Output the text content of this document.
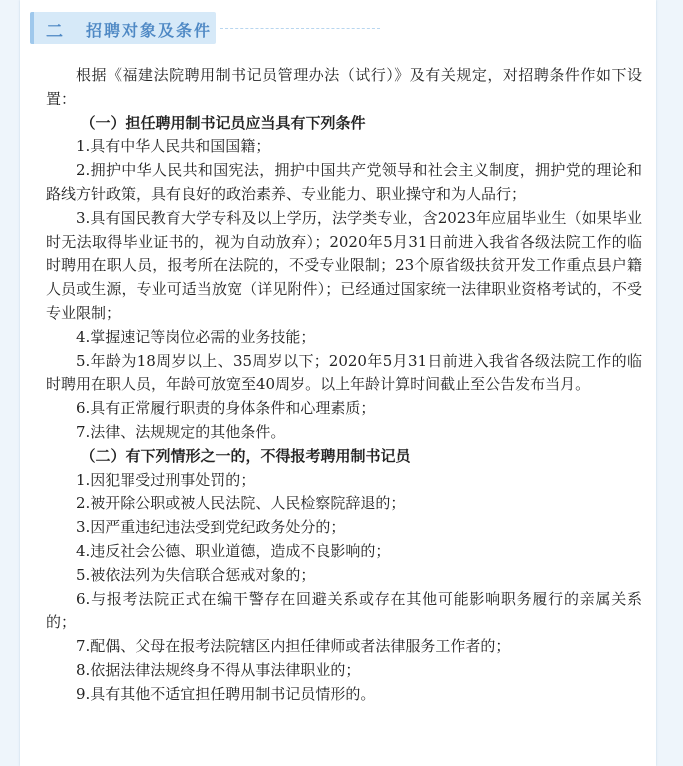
二 招聘对象及条件

根据《福建法院聘用制书记员管理办法（试行）》及有关规定，对招聘条件作如下设置：

（一）担任聘用制书记员应当具有下列条件

1.具有中华人民共和国国籍；

2.拥护中华人民共和国宪法，拥护中国共产党领导和社会主义制度，拥护党的理论和路线方针政策，具有良好的政治素养、专业能力、职业操守和为人品行；

3.具有国民教育大学专科及以上学历，法学类专业，含2023年应届毕业生（如果毕业时无法取得毕业证书的，视为自动放弃）；2020年5月31日前进入我省各级法院工作的临时聘用在职人员，报考所在法院的，不受专业限制；23个原省级扶贫开发工作重点县户籍人员或生源，专业可适当放宽（详见附件）；已经通过国家统一法律职业资格考试的，不受专业限制；

4.掌握速记等岗位必需的业务技能；

5.年龄为18周岁以上、35周岁以下；2020年5月31日前进入我省各级法院工作的临时聘用在职人员，年龄可放宽至40周岁。以上年龄计算时间截止至公告发布当月。

6.具有正常履行职责的身体条件和心理素质；

7.法律、法规规定的其他条件。

（二）有下列情形之一的，不得报考聘用制书记员

1.因犯罪受过刑事处罚的；

2.被开除公职或被人民法院、人民检察院辞退的；

3.因严重违纪违法受到党纪政务处分的；

4.违反社会公德、职业道德，造成不良影响的；

5.被依法列为失信联合惩戒对象的；

6.与报考法院正式在编干警存在回避关系或存在其他可能影响职务履行的亲属关系的；

7.配偶、父母在报考法院辖区内担任律师或者法律服务工作者的；

8.依据法律法规终身不得从事法律职业的；

9.具有其他不适宜担任聘用制书记员情形的。
